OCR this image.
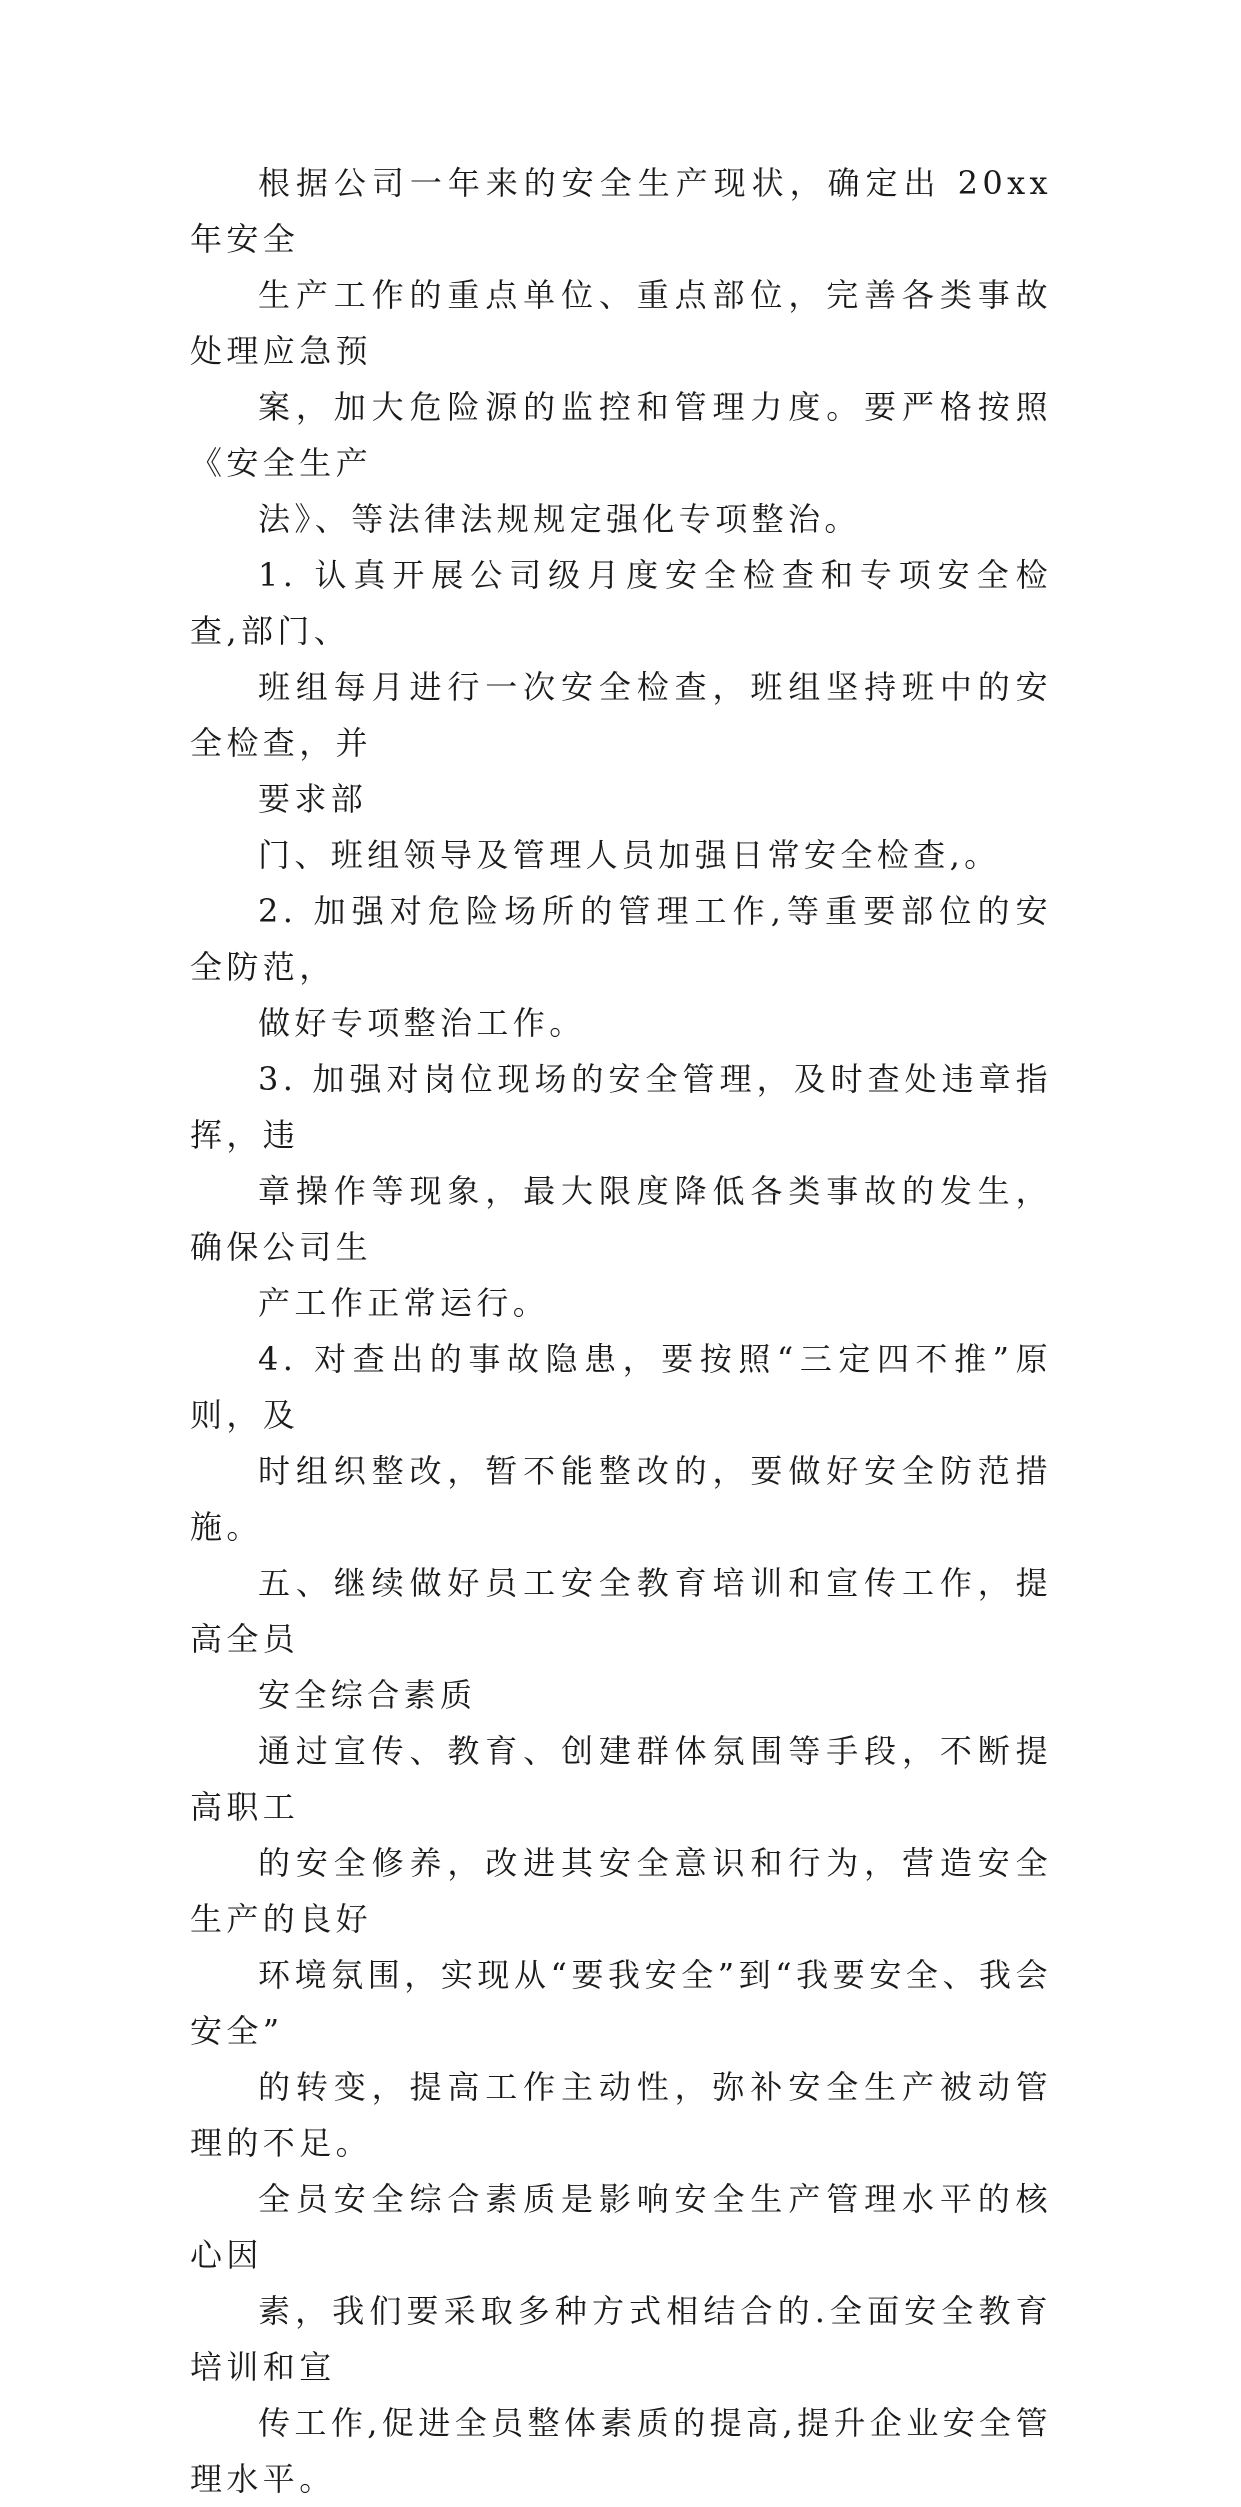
根据公司一年来的安全生产现状，确定出 20xx 年安全
生产工作的重点单位、重点部位，完善各类事故处理应急预
案，加大危险源的监控和管理力度。要严格按照《安全生产
法》、等法律法规规定强化专项整治。

1. 认真开展公司级月度安全检查和专项安全检查,部门、
班组每月进行一次安全检查，班组坚持班中的安全检查，并
要求部

门、班组领导及管理人员加强日常安全检查,。

2. 加强对危险场所的管理工作,等重要部位的安全防范，
做好专项整治工作。

3. 加强对岗位现场的安全管理，及时查处违章指挥，违
章操作等现象，最大限度降低各类事故的发生，确保公司生
产工作正常运行。

4. 对查出的事故隐患，要按照“三定四不推”原则，及
时组织整改，暂不能整改的，要做好安全防范措施。

五、继续做好员工安全教育培训和宣传工作，提高全员
安全综合素质

通过宣传、教育、创建群体氛围等手段，不断提高职工
的安全修养，改进其安全意识和行为，营造安全生产的良好
环境氛围，实现从“要我安全”到“我要安全、我会安全”
的转变，提高工作主动性，弥补安全生产被动管理的不足。

全员安全综合素质是影响安全生产管理水平的核心因
素，我们要采取多种方式相结合的.全面安全教育培训和宣
传工作,促进全员整体素质的提高,提升企业安全管理水平。
